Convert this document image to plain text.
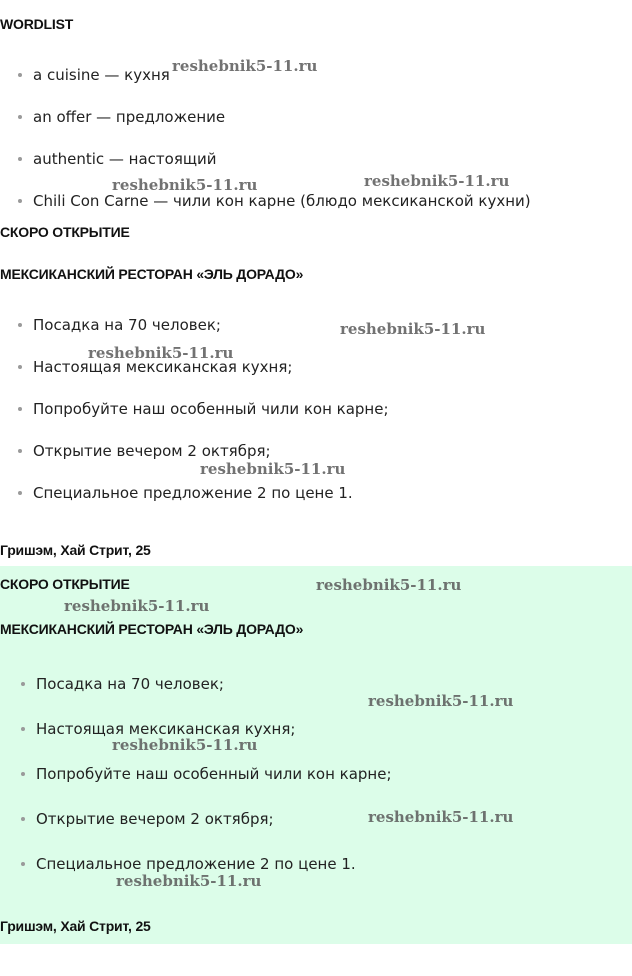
WORDLIST
a cuisine — кухня
an offer — предложение
authentic — настоящий
Chili Con Carne — чили кон карне (блюдо мексиканской кухни)
СКОРО ОТКРЫТИЕ
МЕКСИКАНСКИЙ РЕСТОРАН «ЭЛЬ ДОРАДО»
Посадка на 70 человек;
Настоящая мексиканская кухня;
Попробуйте наш особенный чили кон карне;
Открытие вечером 2 октября;
Специальное предложение 2 по цене 1.
Гришэм, Хай Стрит, 25
СКОРО ОТКРЫТИЕ
МЕКСИКАНСКИЙ РЕСТОРАН «ЭЛЬ ДОРАДО»
Посадка на 70 человек;
Настоящая мексиканская кухня;
Попробуйте наш особенный чили кон карне;
Открытие вечером 2 октября;
Специальное предложение 2 по цене 1.
Гришэм, Хай Стрит, 25
reshebnik5-11.ru
reshebnik5-11.ru	reshebnik5-11.ru
reshebnik5-11.ru
reshebnik5-11.ru
reshebnik5-11.ru
reshebnik5-11.ru
reshebnik5-11.ru
reshebnik5-11.ru
reshebnik5-11.ru
reshebnik5-11.ru
reshebnik5-11.ru
